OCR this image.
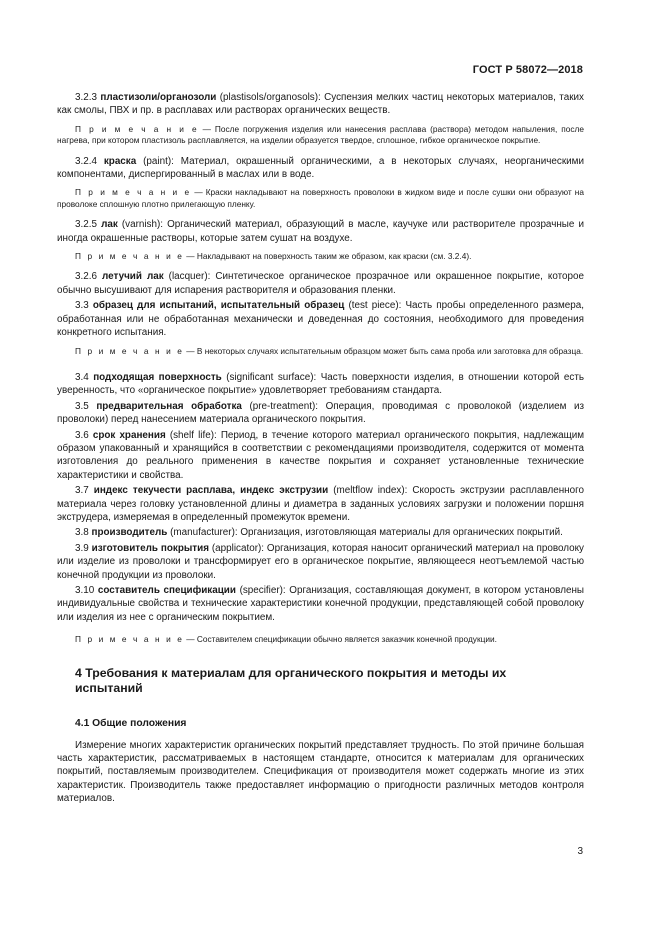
ГОСТ Р 58072—2018

3.2.3 пластизоли/органозоли (plastisols/organosols): Суспензия мелких частиц некоторых материалов, таких как смолы, ПВХ и пр. в расплавах или растворах органических веществ.

П р и м е ч а н и е — После погружения изделия или нанесения расплава (раствора) методом напыления, после нагрева, при котором пластизоль расплавляется, на изделии образуется твердое, сплошное, гибкое органическое покрытие.

3.2.4 краска (paint): Материал, окрашенный органическими, а в некоторых случаях, неорганическими компонентами, диспергированный в маслах или в воде.

П р и м е ч а н и е — Краски накладывают на поверхность проволоки в жидком виде и после сушки они образуют на проволоке сплошную плотно прилегающую пленку.

3.2.5 лак (varnish): Органический материал, образующий в масле, каучуке или растворителе прозрачные и иногда окрашенные растворы, которые затем сушат на воздухе.

П р и м е ч а н и е — Накладывают на поверхность таким же образом, как краски (см. 3.2.4).

3.2.6 летучий лак (lacquer): Синтетическое органическое прозрачное или окрашенное покрытие, которое обычно высушивают для испарения растворителя и образования пленки.

3.3 образец для испытаний, испытательный образец (test piece): Часть пробы определенного размера, обработанная или не обработанная механически и доведенная до состояния, необходимого для проведения конкретного испытания.

П р и м е ч а н и е — В некоторых случаях испытательным образцом может быть сама проба или заготовка для образца.

3.4 подходящая поверхность (significant surface): Часть поверхности изделия, в отношении которой есть уверенность, что «органическое покрытие» удовлетворяет требованиям стандарта.

3.5 предварительная обработка (pre-treatment): Операция, проводимая с проволокой (изделием из проволоки) перед нанесением материала органического покрытия.

3.6 срок хранения (shelf life): Период, в течение которого материал органического покрытия, надлежащим образом упакованный и хранящийся в соответствии с рекомендациями производителя, содержится от момента изготовления до реального применения в качестве покрытия и сохраняет установленные технические характеристики и свойства.

3.7 индекс текучести расплава, индекс экструзии (meltflow index): Скорость экструзии расплавленного материала через головку установленной длины и диаметра в заданных условиях загрузки и положении поршня экструдера, измеряемая в определенный промежуток времени.

3.8 производитель (manufacturer): Организация, изготовляющая материалы для органических покрытий.

3.9 изготовитель покрытия (applicator): Организация, которая наносит органический материал на проволоку или изделие из проволоки и трансформирует его в органическое покрытие, являющееся неотъемлемой частью конечной продукции из проволоки.

3.10 составитель спецификации (specifier): Организация, составляющая документ, в котором установлены индивидуальные свойства и технические характеристики конечной продукции, представляющей собой проволоку или изделия из нее с органическим покрытием.

П р и м е ч а н и е — Составителем спецификации обычно является заказчик конечной продукции.

4 Требования к материалам для органического покрытия и методы их испытаний
4.1 Общие положения

Измерение многих характеристик органических покрытий представляет трудность. По этой причине большая часть характеристик, рассматриваемых в настоящем стандарте, относится к материалам для органических покрытий, поставляемым производителем. Спецификация от производителя может содержать многие из этих характеристик. Производитель также предоставляет информацию о пригодности различных методов контроля материалов.

3
